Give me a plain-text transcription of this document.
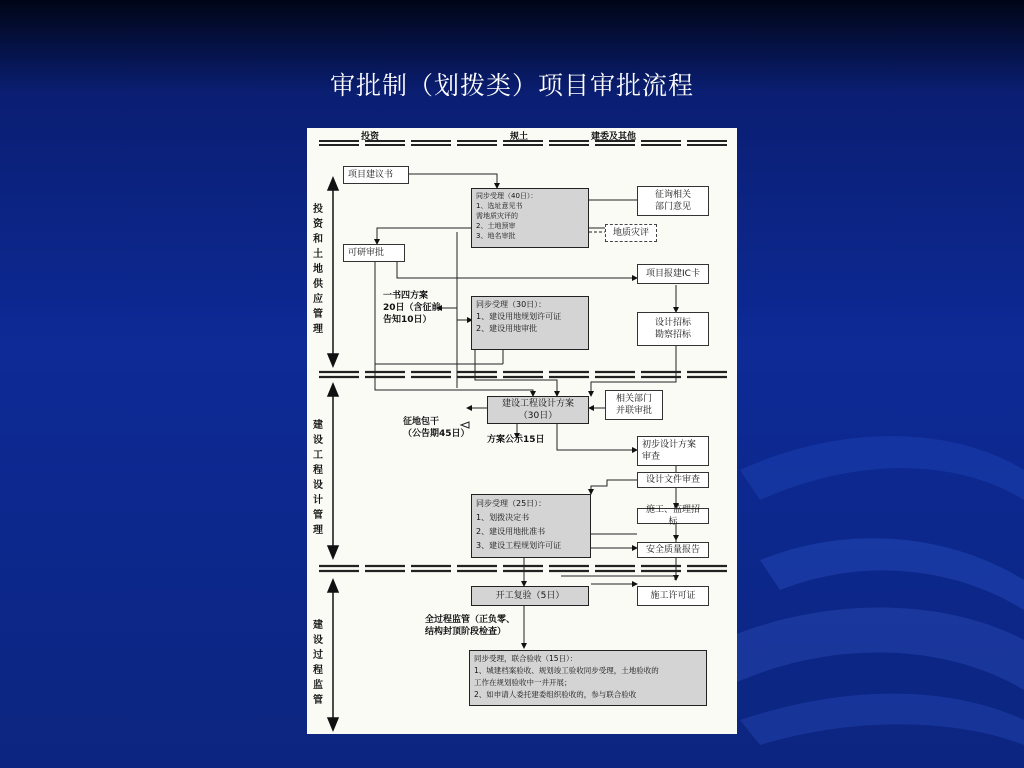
审批制（划拨类）项目审批流程
投资	规土	建委及其他
投资和土地供应管理
建设工程设计管理
建设过程监管
项目建议书
同步受理（40日）：
1、选址意见书
需地质灾评的
2、土地预审
3、地名审批
征询相关
部门意见
地质灾评
可研审批
项目报建IC卡
同步受理（30日）：
1、建设用地规划许可证
2、建设用地审批
设计招标
勘察招标
建设工程设计方案
（30日）
相关部门
并联审批
初步设计方案
审查
设计文件审查
同步受理（25日）：
1、划拨决定书
2、建设用地批准书
3、建设工程规划许可证
施工、监理招标
安全质量报告
开工复验（5日）	施工许可证
同步受理，联合验收（15日）：
1、城建档案验收、规划竣工验收同步受理，土地验收的
工作在规划验收中一并开展；
2、如申请人委托建委组织验收的，参与联合验收
一书四方案
20日（含征前
告知10日）
征地包干
（公告期45日）
方案公示15日
全过程监管（正负零、
结构封顶阶段检查）
